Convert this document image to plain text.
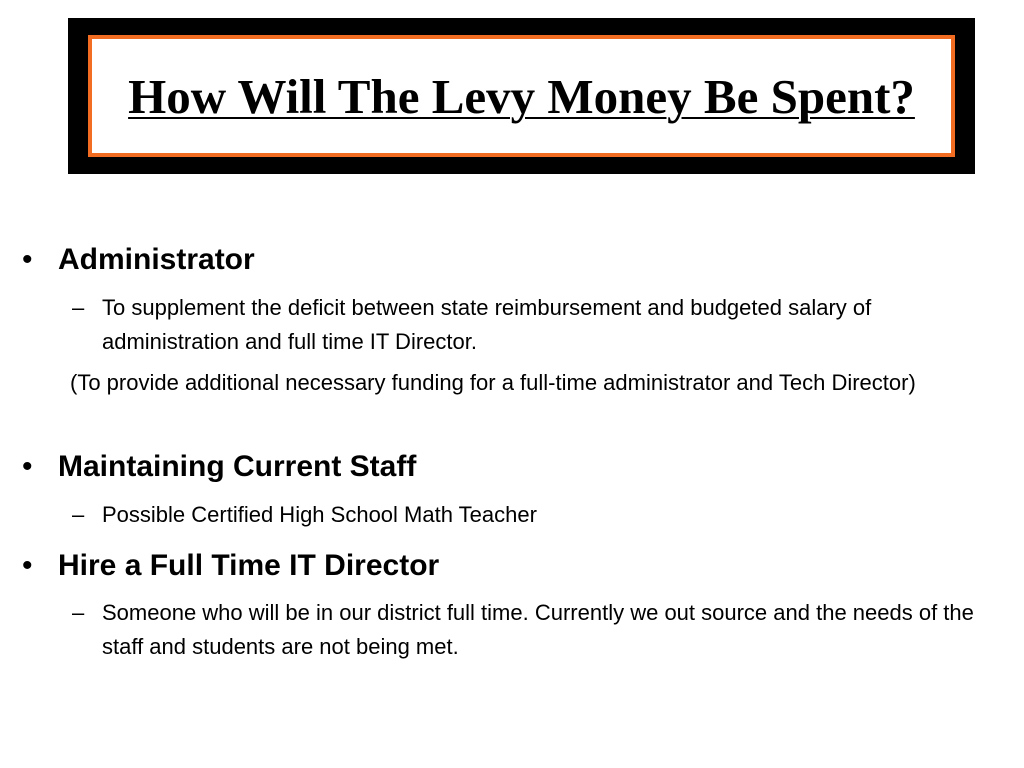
How Will The Levy Money Be Spent?
• Administrator
– To supplement the deficit between state reimbursement and budgeted salary of administration and full time IT Director.
(To provide additional necessary funding for a full-time administrator and Tech Director)
• Maintaining Current Staff
– Possible Certified High School Math Teacher
• Hire a Full Time IT Director
– Someone who will be in our district full time. Currently we out source and the needs of the staff and students are not being met.
